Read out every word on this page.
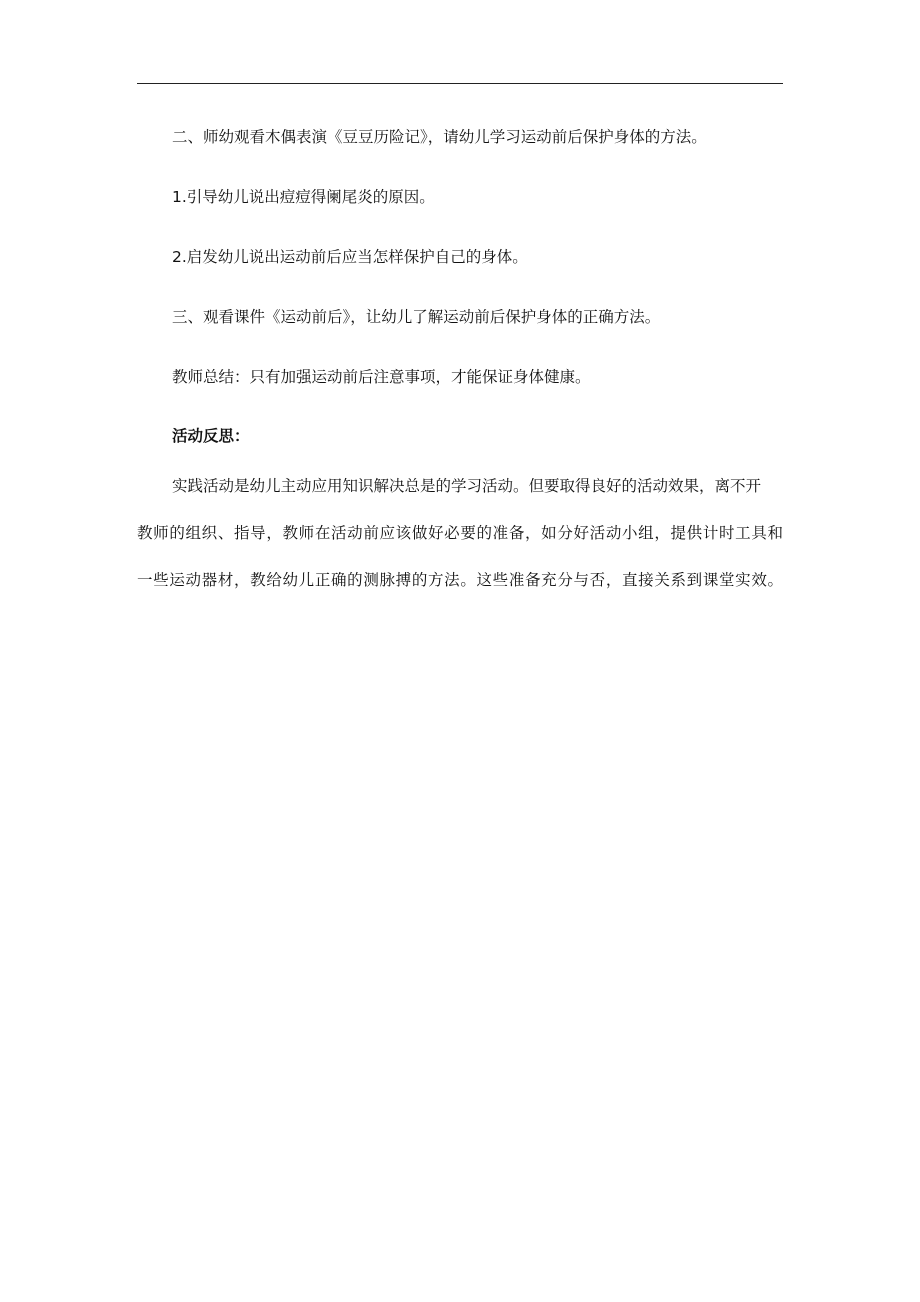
二、师幼观看木偶表演《豆豆历险记》，请幼儿学习运动前后保护身体的方法。
1.引导幼儿说出痘痘得阑尾炎的原因。
2.启发幼儿说出运动前后应当怎样保护自己的身体。
三、观看课件《运动前后》，让幼儿了解运动前后保护身体的正确方法。
教师总结：只有加强运动前后注意事项，才能保证身体健康。
活动反思：
实践活动是幼儿主动应用知识解决总是的学习活动。但要取得良好的活动效果，离不开
教师的组织、指导，教师在活动前应该做好必要的准备，如分好活动小组，提供计时工具和
一些运动器材，教给幼儿正确的测脉搏的方法。这些准备充分与否，直接关系到课堂实效。
